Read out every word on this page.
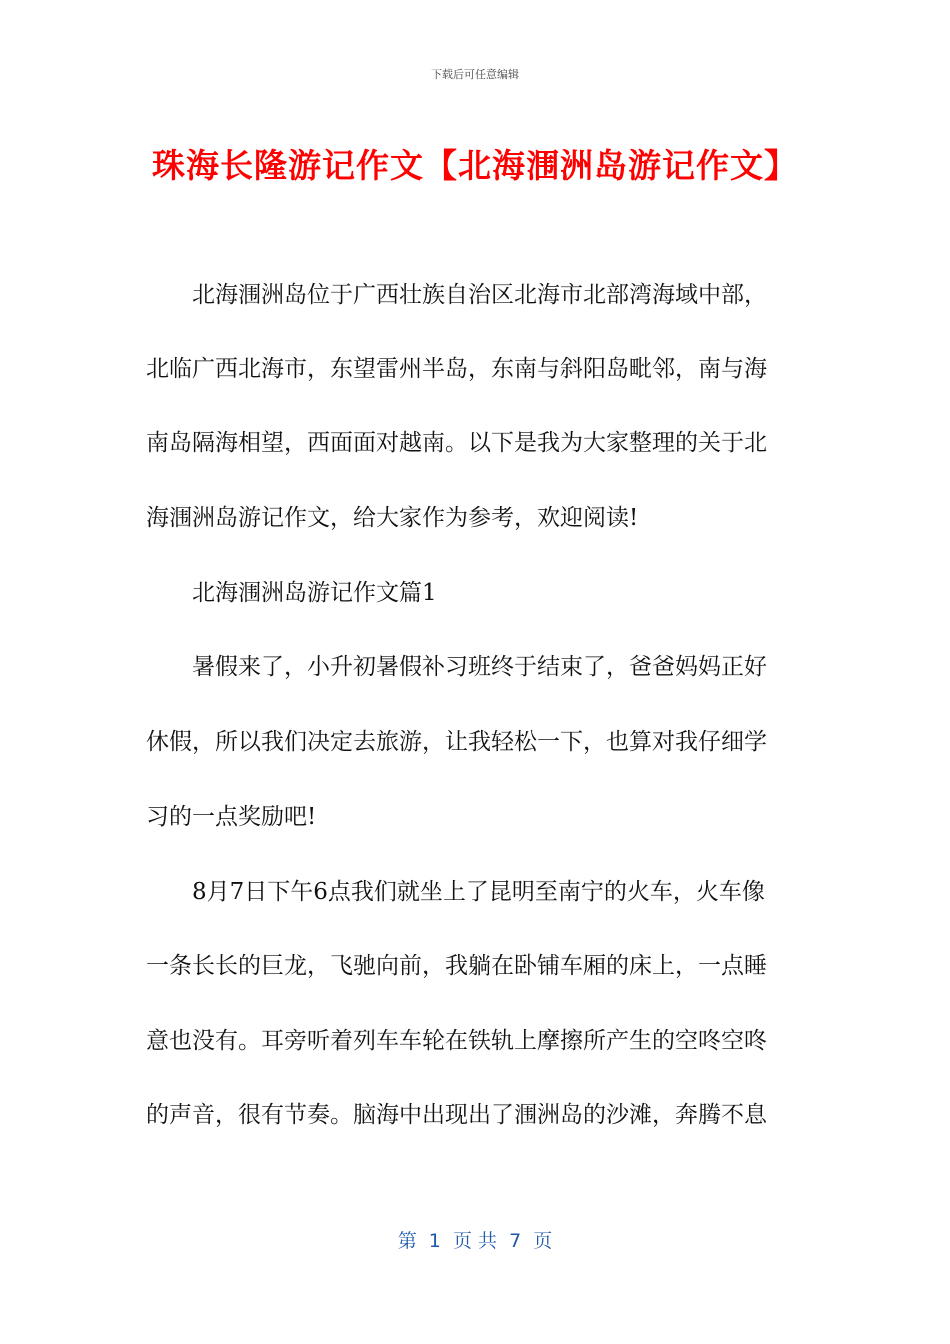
下载后可任意编辑
珠海长隆游记作文【北海涠洲岛游记作文】
北海涠洲岛位于广西壮族自治区北海市北部湾海域中部，
北临广西北海市，东望雷州半岛，东南与斜阳岛毗邻，南与海
南岛隔海相望，西面面对越南。以下是我为大家整理的关于北
海涠洲岛游记作文，给大家作为参考，欢迎阅读!
北海涠洲岛游记作文篇1
暑假来了，小升初暑假补习班终于结束了，爸爸妈妈正好
休假，所以我们决定去旅游，让我轻松一下，也算对我仔细学
习的一点奖励吧!
8月7日下午6点我们就坐上了昆明至南宁的火车，火车像
一条长长的巨龙，飞驰向前，我躺在卧铺车厢的床上，一点睡
意也没有。耳旁听着列车车轮在铁轨上摩擦所产生的空咚空咚
的声音，很有节奏。脑海中出现出了涠洲岛的沙滩，奔腾不息
第  1  页 共  7  页
